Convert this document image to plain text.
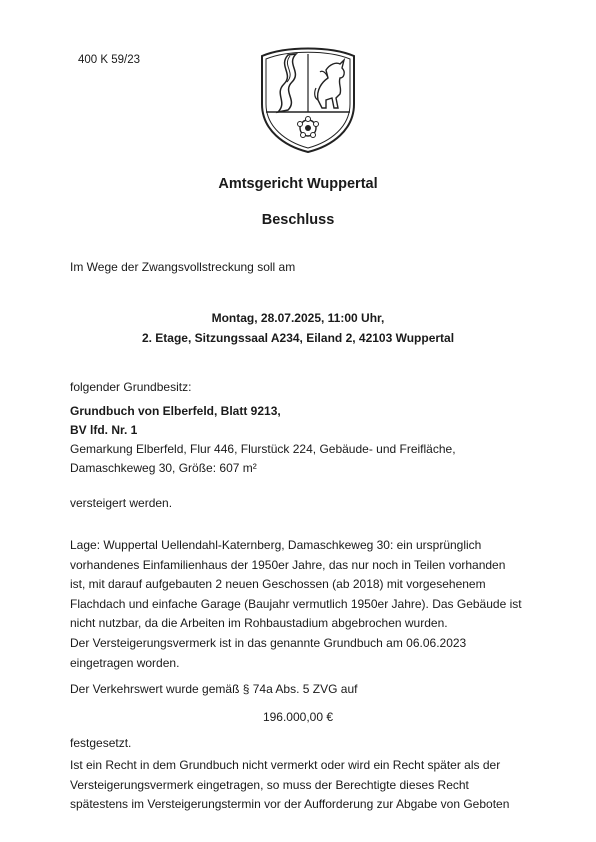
400 K 59/23
Amtsgericht Wuppertal
Beschluss
Im Wege der Zwangsvollstreckung soll am
Montag, 28.07.2025, 11:00 Uhr,
2. Etage, Sitzungssaal A234, Eiland 2, 42103 Wuppertal
folgender Grundbesitz:
Grundbuch von Elberfeld, Blatt 9213,
BV lfd. Nr. 1
Gemarkung Elberfeld, Flur 446, Flurstück 224, Gebäude- und Freifläche,
Damaschkeweg 30, Größe: 607 m²
versteigert werden.
Lage: Wuppertal Uellendahl-Katernberg, Damaschkeweg 30: ein ursprünglich
vorhandenes Einfamilienhaus der 1950er Jahre, das nur noch in Teilen vorhanden
ist, mit darauf aufgebauten 2 neuen Geschossen (ab 2018) mit vorgesehenem
Flachdach und einfache Garage (Baujahr vermutlich 1950er Jahre). Das Gebäude ist
nicht nutzbar, da die Arbeiten im Rohbaustadium abgebrochen wurden.
Der Versteigerungsvermerk ist in das genannte Grundbuch am 06.06.2023
eingetragen worden.
Der Verkehrswert wurde gemäß § 74a Abs. 5 ZVG auf
196.000,00 €
festgesetzt.
Ist ein Recht in dem Grundbuch nicht vermerkt oder wird ein Recht später als der
Versteigerungsvermerk eingetragen, so muss der Berechtigte dieses Recht
spätestens im Versteigerungstermin vor der Aufforderung zur Abgabe von Geboten
